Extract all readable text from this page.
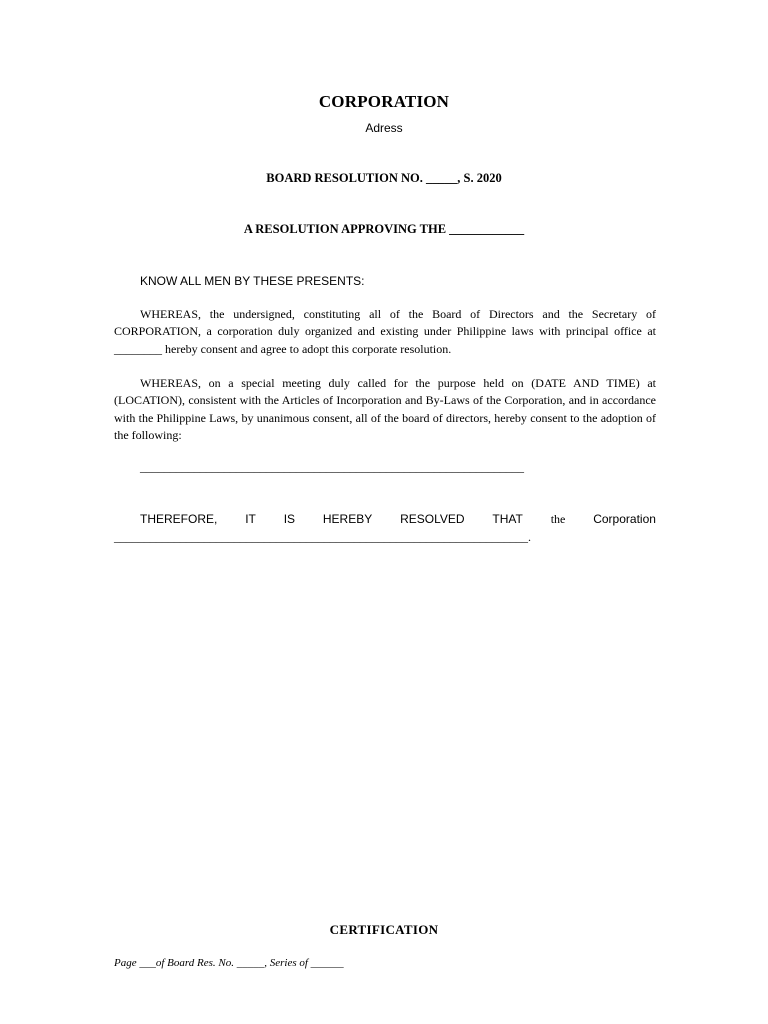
CORPORATION
Adress
BOARD RESOLUTION NO. _____, S. 2020
A RESOLUTION APPROVING THE ____________
KNOW ALL MEN BY THESE PRESENTS:
WHEREAS, the undersigned, constituting all of the Board of Directors and the Secretary of CORPORATION, a corporation duly organized and existing under Philippine laws with principal office at ________ hereby consent and agree to adopt this corporate resolution.
WHEREAS, on a special meeting duly called for the purpose held on (DATE AND TIME) at (LOCATION), consistent with the Articles of Incorporation and By-Laws of the Corporation, and in accordance with the Philippine Laws, by unanimous consent, all of the board of directors, hereby consent to the adoption of the following:
________________________________________________________________
THEREFORE, IT IS HEREBY RESOLVED THAT the Corporation
_____________________________________________________________________.
CERTIFICATION
Page ___of Board Res. No. _____, Series of ______
